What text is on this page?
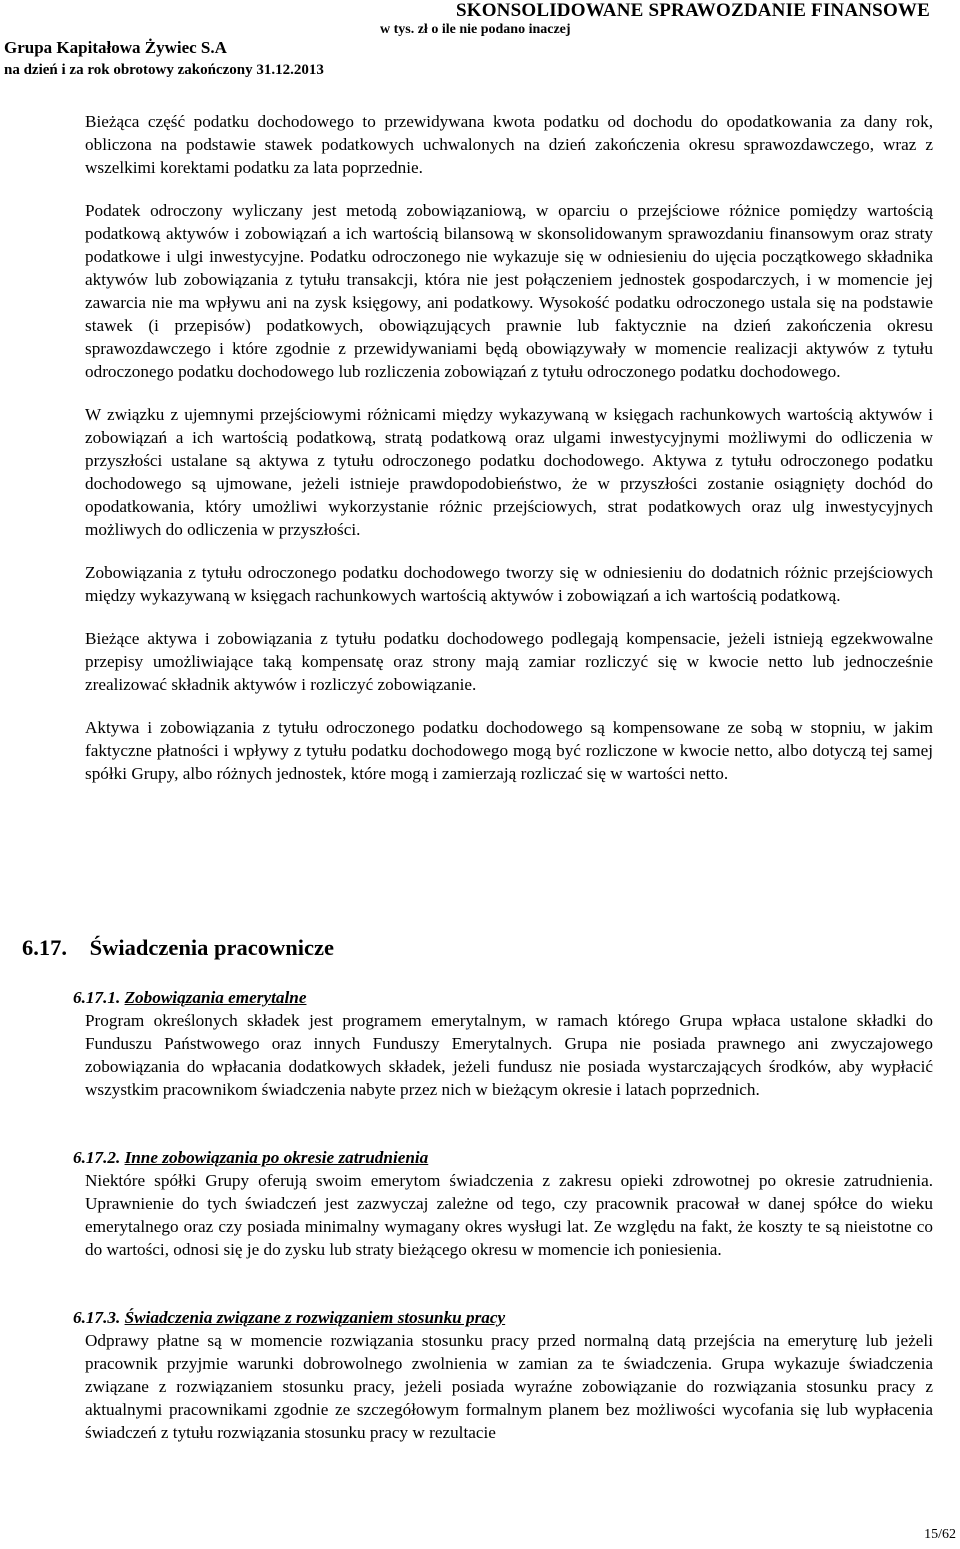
SKONSOLIDOWANE SPRAWOZDANIE FINANSOWE
w tys. zł o ile nie podano inaczej
Grupa Kapitałowa Żywiec S.A
na dzień i za rok obrotowy zakończony 31.12.2013

Bieżąca część podatku dochodowego to przewidywana kwota podatku od dochodu do opodatkowania za dany rok, obliczona na podstawie stawek podatkowych uchwalonych na dzień zakończenia okresu sprawozdawczego, wraz z wszelkimi korektami podatku za lata poprzednie.

Podatek odroczony wyliczany jest metodą zobowiązaniową, w oparciu o przejściowe różnice pomiędzy wartością podatkową aktywów i zobowiązań a ich wartością bilansową w skonsolidowanym sprawozdaniu finansowym oraz straty podatkowe i ulgi inwestycyjne. Podatku odroczonego nie wykazuje się w odniesieniu do ujęcia początkowego składnika aktywów lub zobowiązania z tytułu transakcji, która nie jest połączeniem jednostek gospodarczych, i w momencie jej zawarcia nie ma wpływu ani na zysk księgowy, ani podatkowy. Wysokość podatku odroczonego ustala się na podstawie stawek (i przepisów) podatkowych, obowiązujących prawnie lub faktycznie na dzień zakończenia okresu sprawozdawczego i które zgodnie z przewidywaniami będą obowiązywały w momencie realizacji aktywów z tytułu odroczonego podatku dochodowego lub rozliczenia zobowiązań z tytułu odroczonego podatku dochodowego.

W związku z ujemnymi przejściowymi różnicami między wykazywaną w księgach rachunkowych wartością aktywów i zobowiązań a ich wartością podatkową, stratą podatkową oraz ulgami inwestycyjnymi możliwymi do odliczenia w przyszłości ustalane są aktywa z tytułu odroczonego podatku dochodowego. Aktywa z tytułu odroczonego podatku dochodowego są ujmowane, jeżeli istnieje prawdopodobieństwo, że w przyszłości zostanie osiągnięty dochód do opodatkowania, który umożliwi wykorzystanie różnic przejściowych, strat podatkowych oraz ulg inwestycyjnych możliwych do odliczenia w przyszłości.

Zobowiązania z tytułu odroczonego podatku dochodowego tworzy się w odniesieniu do dodatnich różnic przejściowych między wykazywaną w księgach rachunkowych wartością aktywów i zobowiązań a ich wartością podatkową.

Bieżące aktywa i zobowiązania z tytułu podatku dochodowego podlegają kompensacie, jeżeli istnieją egzekwowalne przepisy umożliwiające taką kompensatę oraz strony mają zamiar rozliczyć się w kwocie netto lub jednocześnie zrealizować składnik aktywów i rozliczyć zobowiązanie.

Aktywa i zobowiązania z tytułu odroczonego podatku dochodowego są kompensowane ze sobą w stopniu, w jakim faktyczne płatności i wpływy z tytułu podatku dochodowego mogą być rozliczone w kwocie netto, albo dotyczą tej samej spółki Grupy, albo różnych jednostek, które mogą i zamierzają rozliczać się w wartości netto.

6.17. Świadczenia pracownicze

6.17.1. Zobowiązania emerytalne

Program określonych składek jest programem emerytalnym, w ramach którego Grupa wpłaca ustalone składki do Funduszu Państwowego oraz innych Funduszy Emerytalnych. Grupa nie posiada prawnego ani zwyczajowego zobowiązania do wpłacania dodatkowych składek, jeżeli fundusz nie posiada wystarczających środków, aby wypłacić wszystkim pracownikom świadczenia nabyte przez nich w bieżącym okresie i latach poprzednich.

6.17.2. Inne zobowiązania po okresie zatrudnienia

Niektóre spółki Grupy oferują swoim emerytom świadczenia z zakresu opieki zdrowotnej po okresie zatrudnienia. Uprawnienie do tych świadczeń jest zazwyczaj zależne od tego, czy pracownik pracował w danej spółce do wieku emerytalnego oraz czy posiada minimalny wymagany okres wysługi lat. Ze względu na fakt, że koszty te są nieistotne co do wartości, odnosi się je do zysku lub straty bieżącego okresu w momencie ich poniesienia.

6.17.3. Świadczenia związane z rozwiązaniem stosunku pracy

Odprawy płatne są w momencie rozwiązania stosunku pracy przed normalną datą przejścia na emeryturę lub jeżeli pracownik przyjmie warunki dobrowolnego zwolnienia w zamian za te świadczenia. Grupa wykazuje świadczenia związane z rozwiązaniem stosunku pracy, jeżeli posiada wyraźne zobowiązanie do rozwiązania stosunku pracy z aktualnymi pracownikami zgodnie ze szczegółowym formalnym planem bez możliwości wycofania się lub wypłacenia świadczeń z tytułu rozwiązania stosunku pracy w rezultacie

15/62
